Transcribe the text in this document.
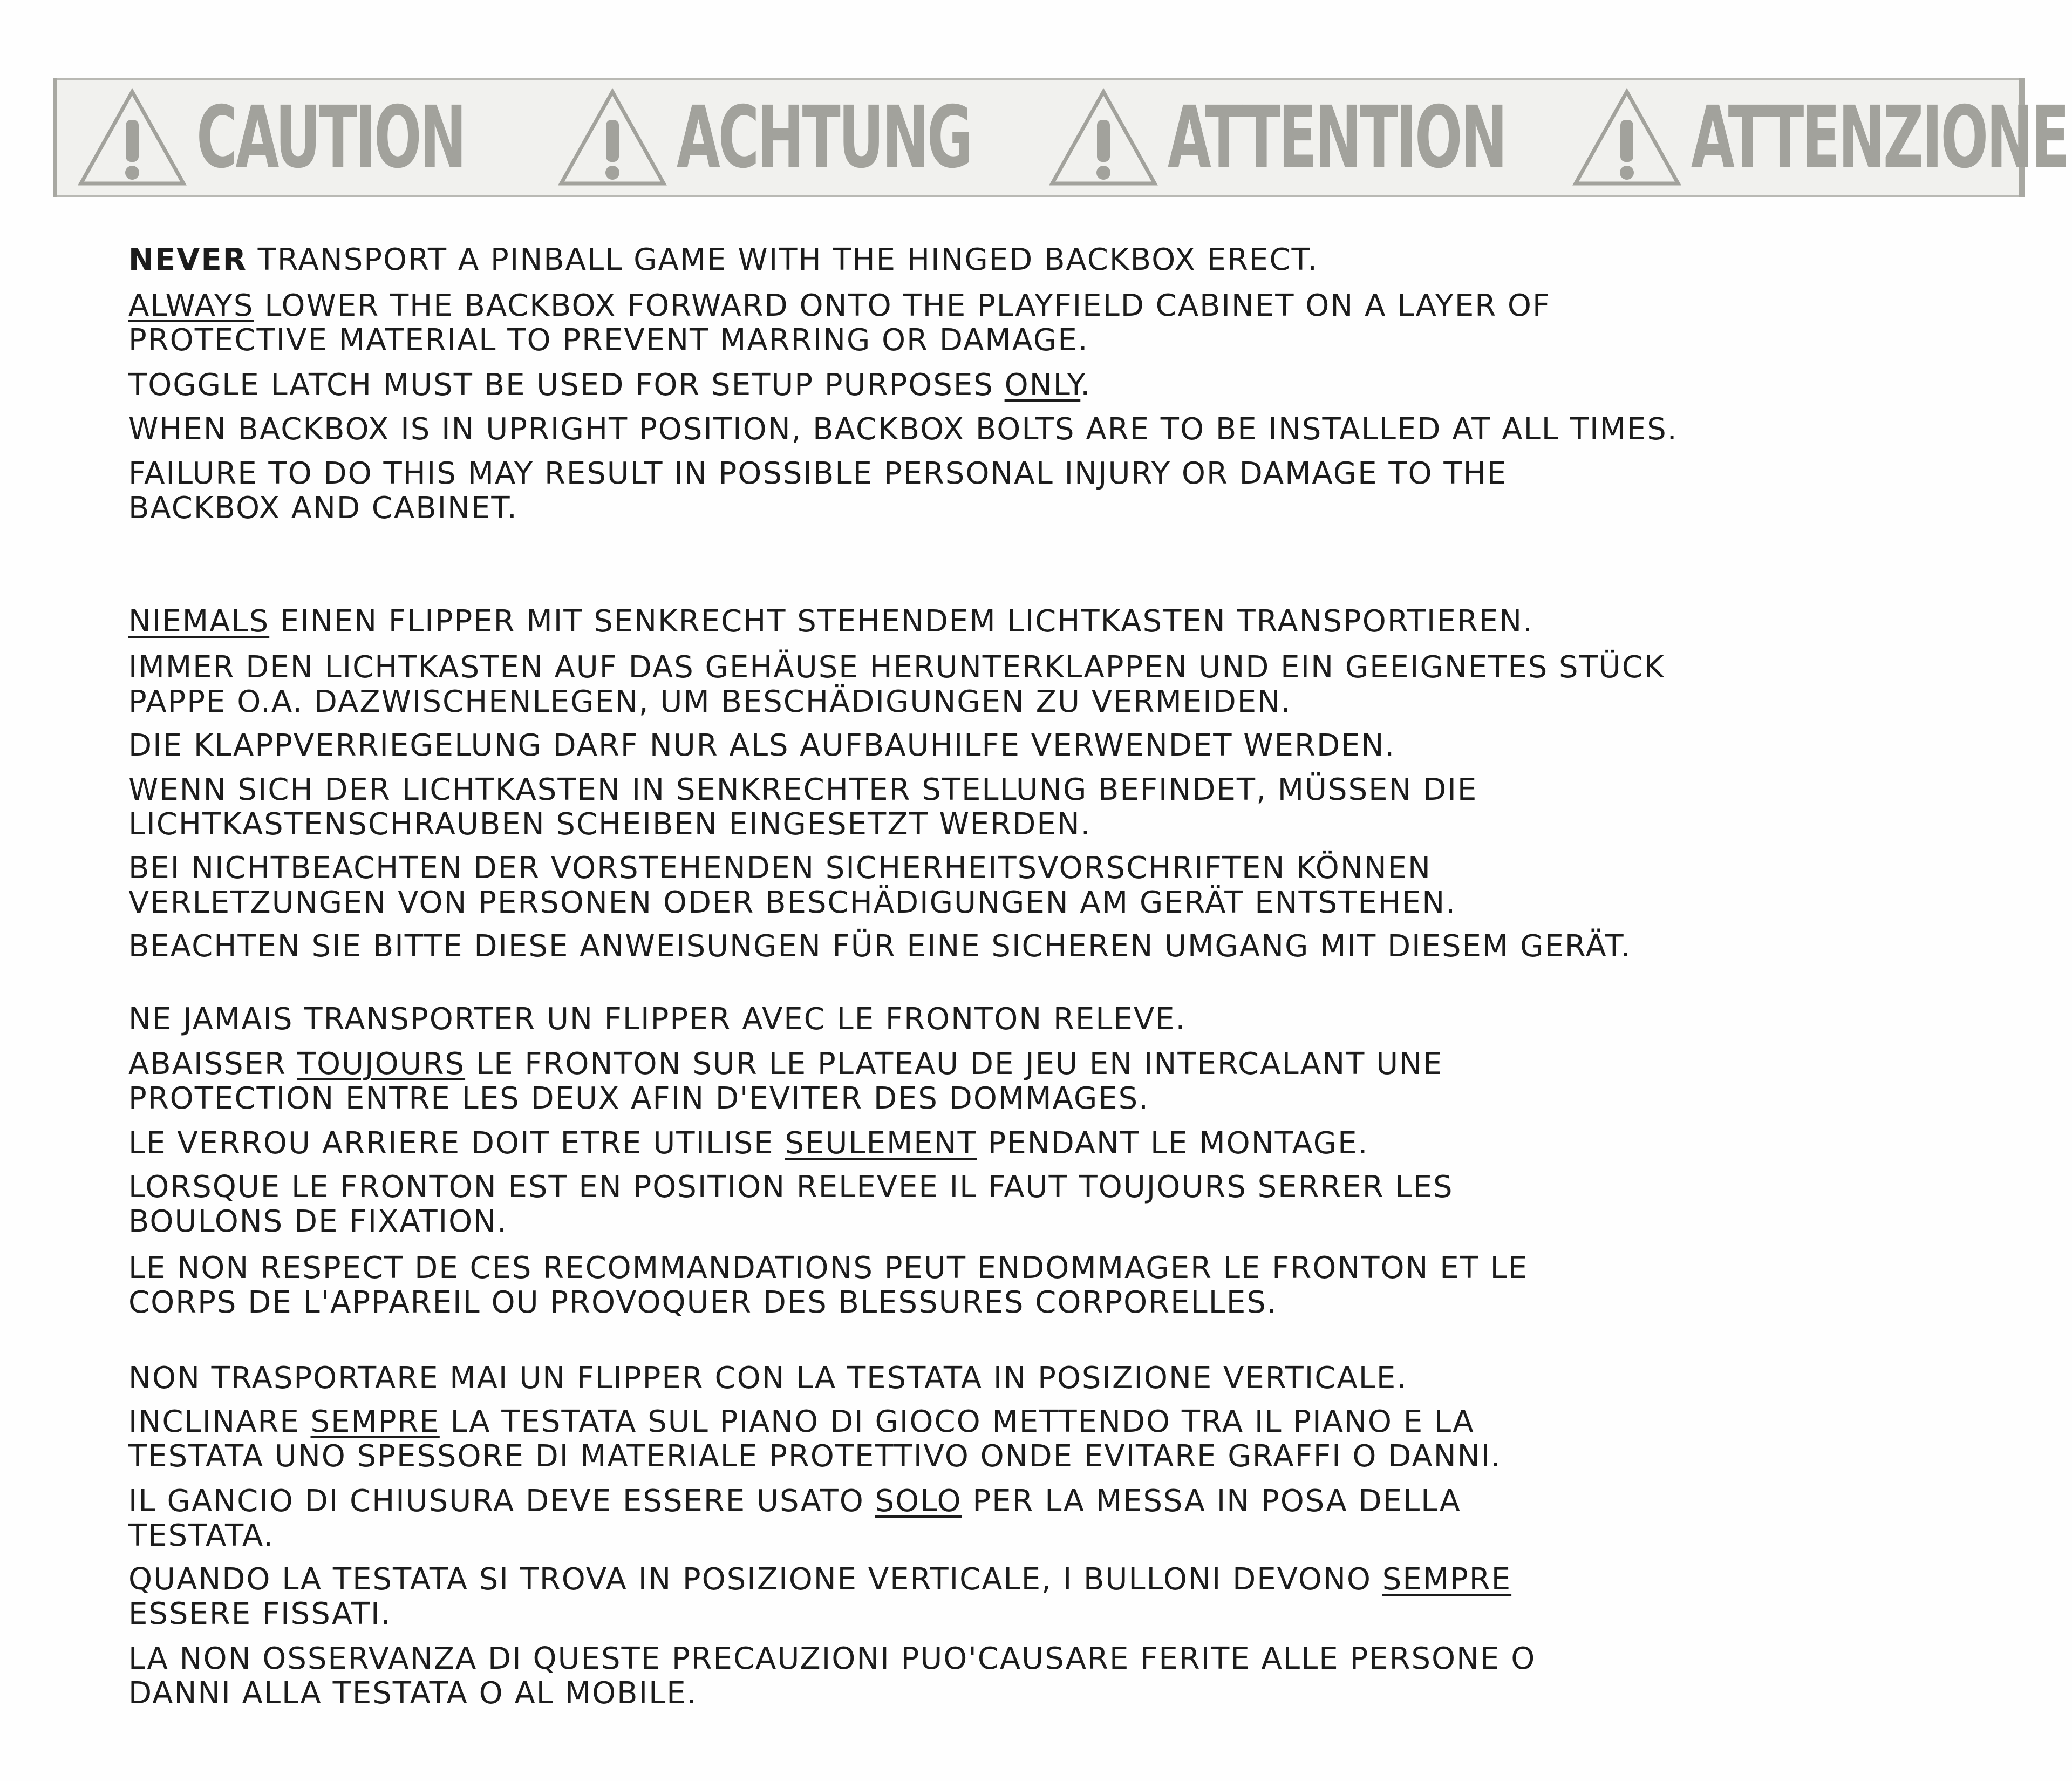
CAUTION ACHTUNG ATTENTION ATTENZIONE

NEVER TRANSPORT A PINBALL GAME WITH THE HINGED BACKBOX ERECT.

ALWAYS LOWER THE BACKBOX FORWARD ONTO THE PLAYFIELD CABINET ON A LAYER OF
PROTECTIVE MATERIAL TO PREVENT MARRING OR DAMAGE.

TOGGLE LATCH MUST BE USED FOR SETUP PURPOSES ONLY.

WHEN BACKBOX IS IN UPRIGHT POSITION, BACKBOX BOLTS ARE TO BE INSTALLED AT ALL TIMES.

FAILURE TO DO THIS MAY RESULT IN POSSIBLE PERSONAL INJURY OR DAMAGE TO THE
BACKBOX AND CABINET.

NIEMALS EINEN FLIPPER MIT SENKRECHT STEHENDEM LICHTKASTEN TRANSPORTIEREN.

IMMER DEN LICHTKASTEN AUF DAS GEHÄUSE HERUNTERKLAPPEN UND EIN GEEIGNETES STÜCK
PAPPE O.A. DAZWISCHENLEGEN, UM BESCHÄDIGUNGEN ZU VERMEIDEN.

DIE KLAPPVERRIEGELUNG DARF NUR ALS AUFBAUHILFE VERWENDET WERDEN.

WENN SICH DER LICHTKASTEN IN SENKRECHTER STELLUNG BEFINDET, MÜSSEN DIE
LICHTKASTENSCHRAUBEN SCHEIBEN EINGESETZT WERDEN.

BEI NICHTBEACHTEN DER VORSTEHENDEN SICHERHEITSVORSCHRIFTEN KÖNNEN
VERLETZUNGEN VON PERSONEN ODER BESCHÄDIGUNGEN AM GERÄT ENTSTEHEN.

BEACHTEN SIE BITTE DIESE ANWEISUNGEN FÜR EINE SICHEREN UMGANG MIT DIESEM GERÄT.

NE JAMAIS TRANSPORTER UN FLIPPER AVEC LE FRONTON RELEVE.

ABAISSER TOUJOURS LE FRONTON SUR LE PLATEAU DE JEU EN INTERCALANT UNE
PROTECTION ENTRE LES DEUX AFIN D'EVITER DES DOMMAGES.

LE VERROU ARRIERE DOIT ETRE UTILISE SEULEMENT PENDANT LE MONTAGE.

LORSQUE LE FRONTON EST EN POSITION RELEVEE IL FAUT TOUJOURS SERRER LES
BOULONS DE FIXATION.

LE NON RESPECT DE CES RECOMMANDATIONS PEUT ENDOMMAGER LE FRONTON ET LE
CORPS DE L'APPAREIL OU PROVOQUER DES BLESSURES CORPORELLES.

NON TRASPORTARE MAI UN FLIPPER CON LA TESTATA IN POSIZIONE VERTICALE.

INCLINARE SEMPRE LA TESTATA SUL PIANO DI GIOCO METTENDO TRA IL PIANO E LA
TESTATA UNO SPESSORE DI MATERIALE PROTETTIVO ONDE EVITARE GRAFFI O DANNI.

IL GANCIO DI CHIUSURA DEVE ESSERE USATO SOLO PER LA MESSA IN POSA DELLA
TESTATA.

QUANDO LA TESTATA SI TROVA IN POSIZIONE VERTICALE, I BULLONI DEVONO SEMPRE
ESSERE FISSATI.

LA NON OSSERVANZA DI QUESTE PRECAUZIONI PUO'CAUSARE FERITE ALLE PERSONE O
DANNI ALLA TESTATA O AL MOBILE.
